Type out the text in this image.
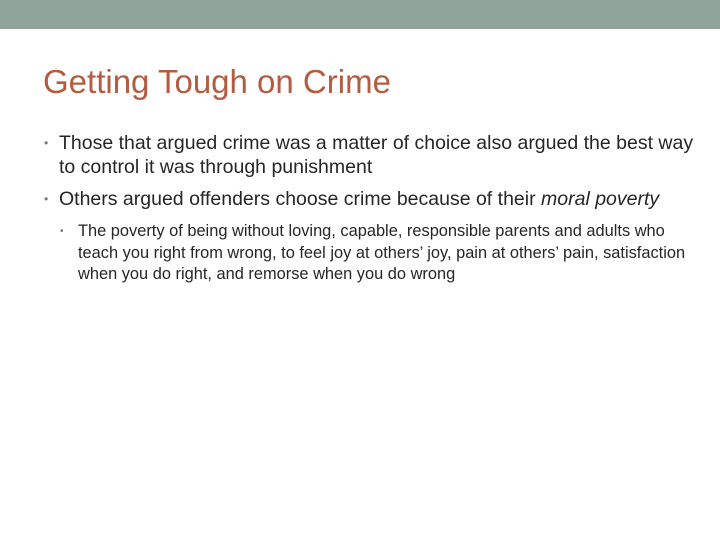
Getting Tough on Crime
• Those that argued crime was a matter of choice also argued the best way to control it was through punishment
• Others argued offenders choose crime because of their moral poverty
• The poverty of being without loving, capable, responsible parents and adults who teach you right from wrong, to feel joy at others’ joy, pain at others’ pain, satisfaction when you do right, and remorse when you do wrong
